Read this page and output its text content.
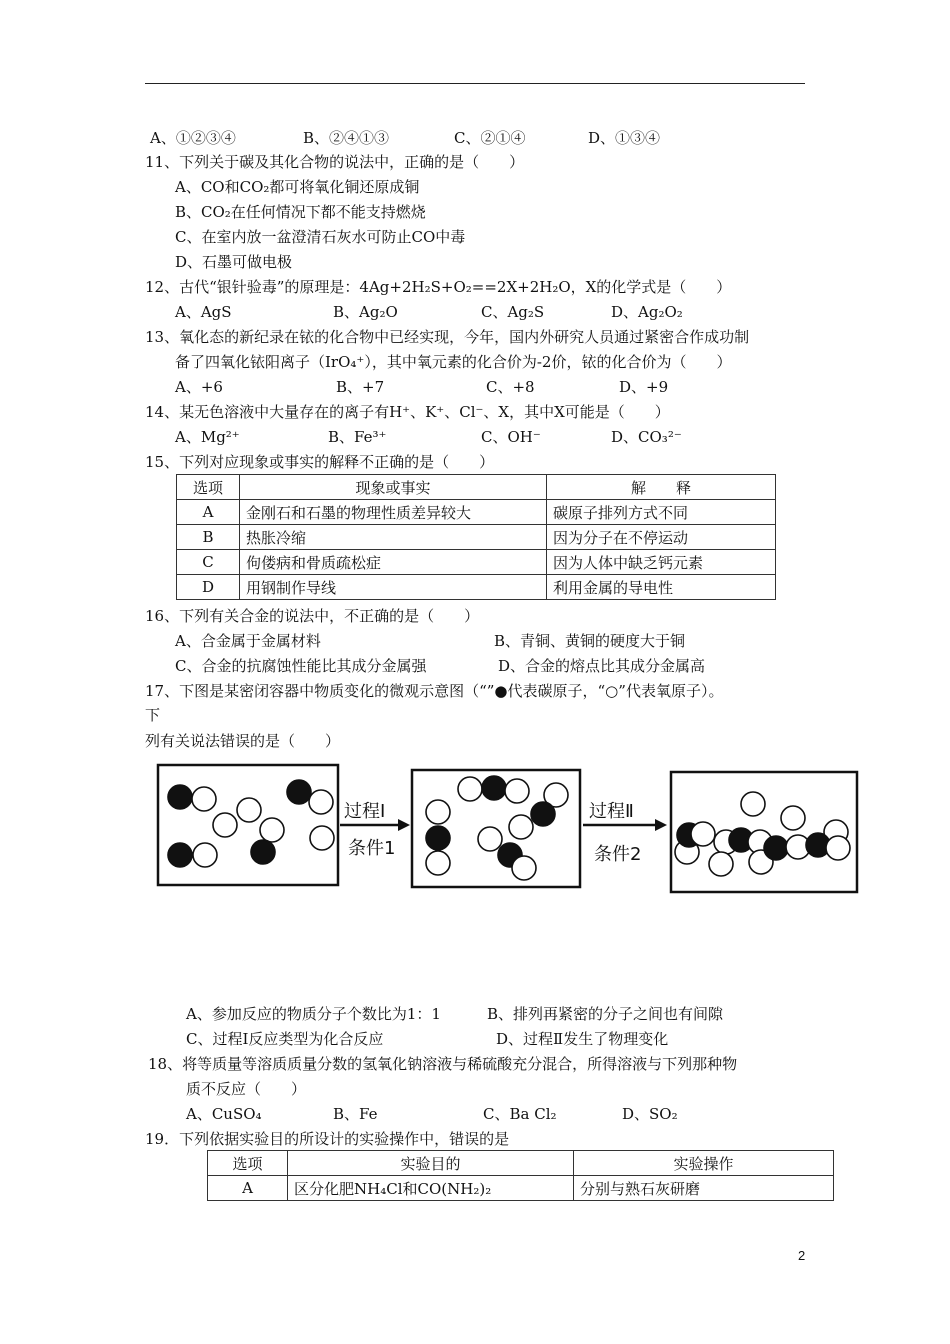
A、①②③④	B、②④①③	C、②①④	D、①③④
11、下列关于碳及其化合物的说法中，正确的是（　　）
A、CO和CO₂都可将氧化铜还原成铜
B、CO₂在任何情况下都不能支持燃烧
C、在室内放一盆澄清石灰水可防止CO中毒
D、石墨可做电极
12、古代“银针验毒”的原理是：4Ag+2H₂S+O₂==2X+2H₂O，X的化学式是（　　）
A、AgS	B、Ag₂O	C、Ag₂S	D、Ag₂O₂
13、氧化态的新纪录在铱的化合物中已经实现，今年，国内外研究人员通过紧密合作成功制
备了四氧化铱阳离子（IrO₄⁺），其中氧元素的化合价为-2价，铱的化合价为（　　）
A、+6	B、+7	C、+8	D、+9
14、某无色溶液中大量存在的离子有H⁺、K⁺、Cl⁻、X，其中X可能是（　　）
A、Mg²⁺	B、Fe³⁺	C、OH⁻	D、CO₃²⁻
15、下列对应现象或事实的解释不正确的是（　　）
选项	现象或事实	解　　释
A	金刚石和石墨的物理性质差异较大	碳原子排列方式不同
B	热胀冷缩	因为分子在不停运动
C	佝偻病和骨质疏松症	因为人体中缺乏钙元素
D	用钢制作导线	利用金属的导电性
16、下列有关合金的说法中，不正确的是（　　）
A、合金属于金属材料	B、青铜、黄铜的硬度大于铜
C、合金的抗腐蚀性能比其成分金属强	D、合金的熔点比其成分金属高
17、下图是某密闭容器中物质变化的微观示意图（“”●代表碳原子，“○”代表氧原子）。
下
列有关说法错误的是（　　）
过程Ⅰ
条件1
过程Ⅱ
条件2
A、参加反应的物质分子个数比为1：1	B、排列再紧密的分子之间也有间隙
C、过程Ⅰ反应类型为化合反应	D、过程Ⅱ发生了物理变化
18、将等质量等溶质质量分数的氢氧化钠溶液与稀硫酸充分混合，所得溶液与下列那种物
质不反应（　　）
A、CuSO₄	B、Fe	C、Ba Cl₂	D、SO₂
19．下列依据实验目的所设计的实验操作中，错误的是
选项	实验目的	实验操作
A	区分化肥NH₄Cl和CO(NH₂)₂	分别与熟石灰研磨
2
